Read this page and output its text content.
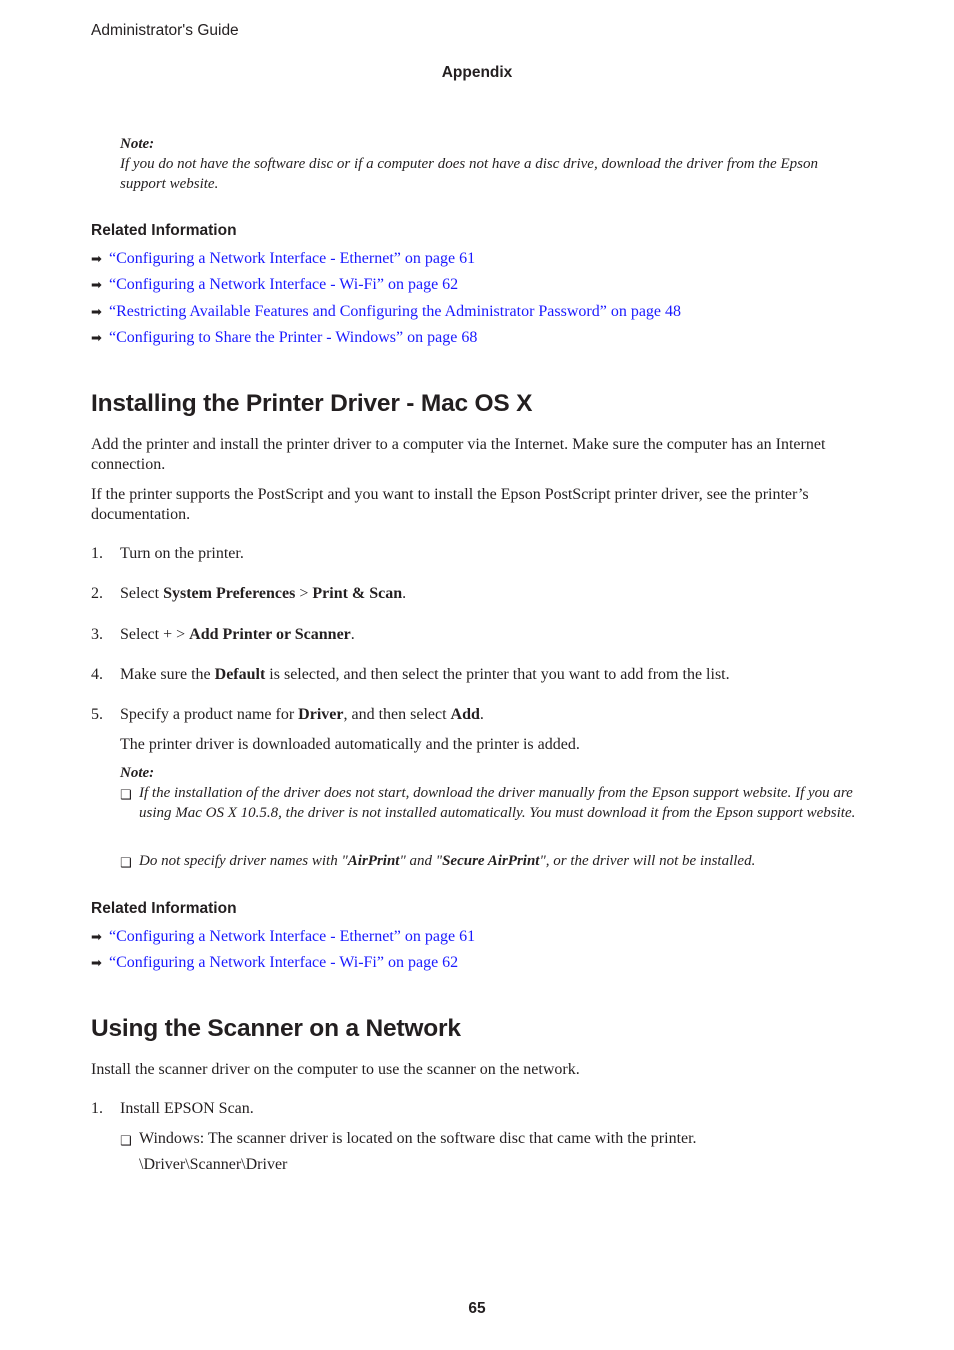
Administrator's Guide
Appendix
Note:
If you do not have the software disc or if a computer does not have a disc drive, download the driver from the Epson support website.
Related Information
➡ “Configuring a Network Interface - Ethernet” on page 61
➡ “Configuring a Network Interface - Wi-Fi” on page 62
➡ “Restricting Available Features and Configuring the Administrator Password” on page 48
➡ “Configuring to Share the Printer - Windows” on page 68
Installing the Printer Driver - Mac OS X
Add the printer and install the printer driver to a computer via the Internet. Make sure the computer has an Internet connection.
If the printer supports the PostScript and you want to install the Epson PostScript printer driver, see the printer’s documentation.
1. Turn on the printer.
2. Select System Preferences > Print & Scan.
3. Select + > Add Printer or Scanner.
4. Make sure the Default is selected, and then select the printer that you want to add from the list.
5. Specify a product name for Driver, and then select Add.
The printer driver is downloaded automatically and the printer is added.
Note:
❑ If the installation of the driver does not start, download the driver manually from the Epson support website. If you are using Mac OS X 10.5.8, the driver is not installed automatically. You must download it from the Epson support website.
❑ Do not specify driver names with "AirPrint" and "Secure AirPrint", or the driver will not be installed.
Related Information
➡ “Configuring a Network Interface - Ethernet” on page 61
➡ “Configuring a Network Interface - Wi-Fi” on page 62
Using the Scanner on a Network
Install the scanner driver on the computer to use the scanner on the network.
1. Install EPSON Scan.
❑ Windows: The scanner driver is located on the software disc that came with the printer.
\Driver\Scanner\Driver
65
